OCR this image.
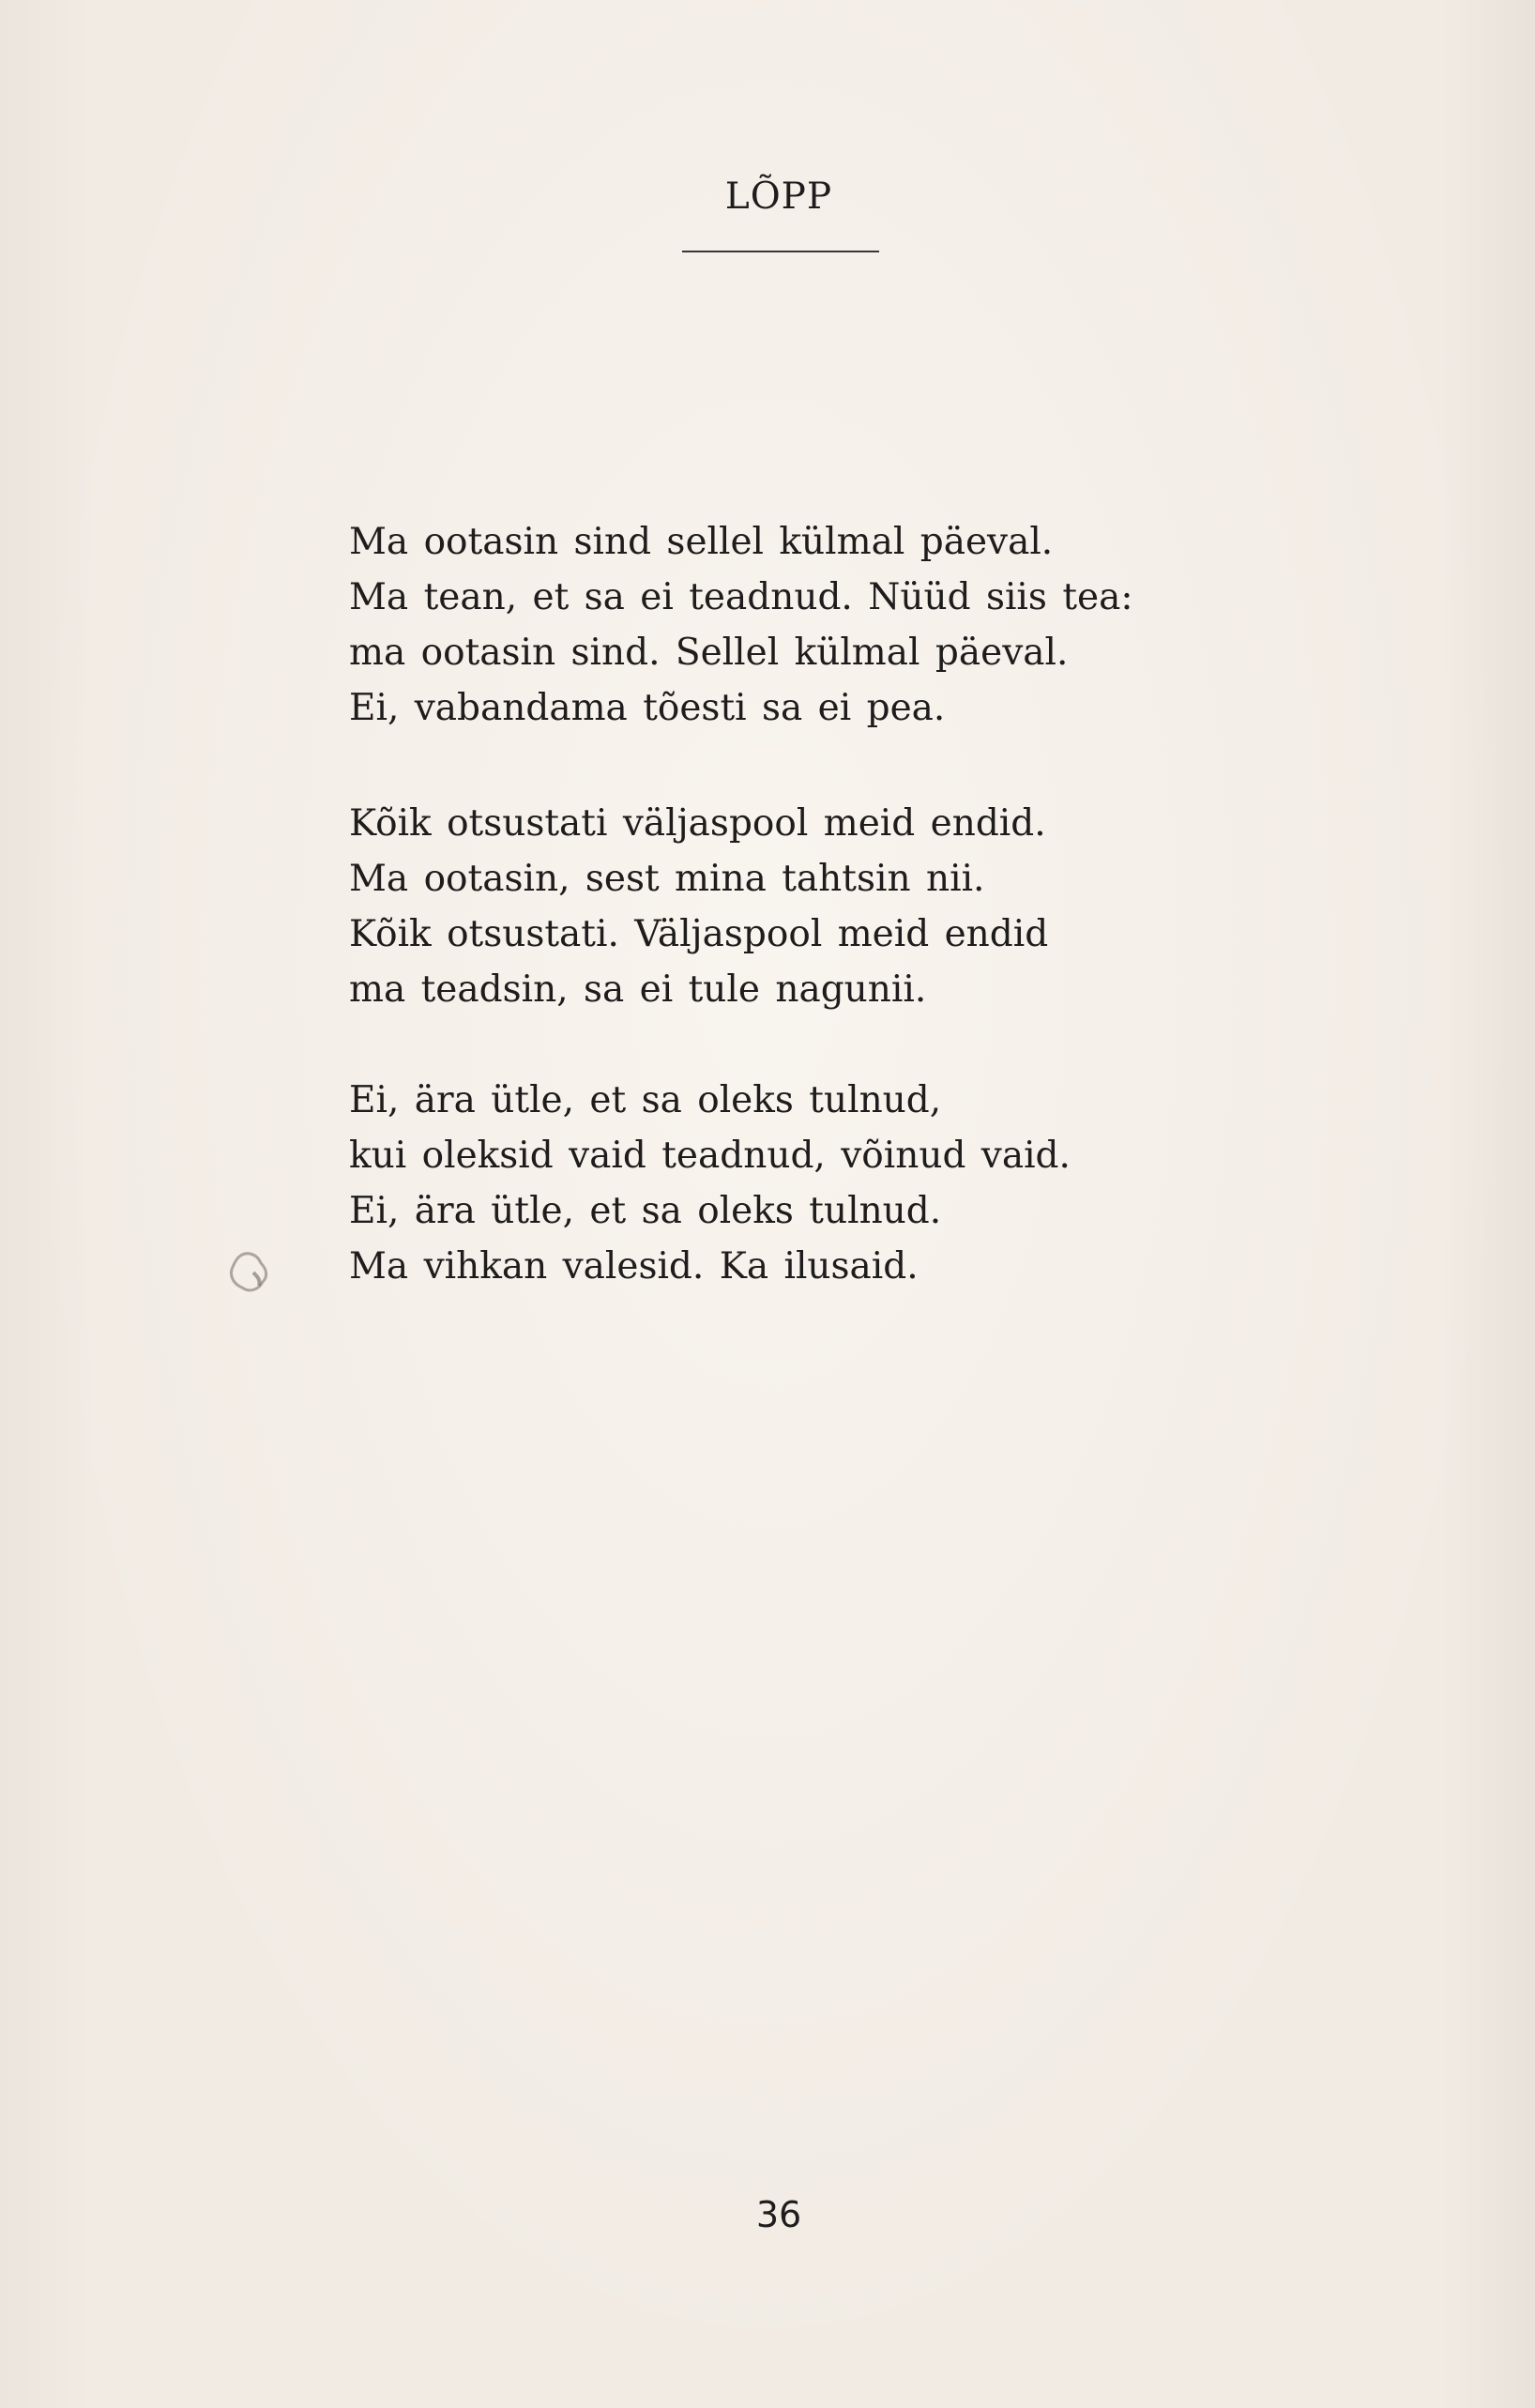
LÕPP

Ma ootasin sind sellel külmal päeval.
Ma tean, et sa ei teadnud. Nüüd siis tea:
ma ootasin sind. Sellel külmal päeval.
Ei, vabandama tõesti sa ei pea.

Kõik otsustati väljaspool meid endid.
Ma ootasin, sest mina tahtsin nii.
Kõik otsustati. Väljaspool meid endid
ma teadsin, sa ei tule nagunii.

Ei, ära ütle, et sa oleks tulnud,
kui oleksid vaid teadnud, võinud vaid.
Ei, ära ütle, et sa oleks tulnud.
Ma vihkan valesid. Ka ilusaid.

36
